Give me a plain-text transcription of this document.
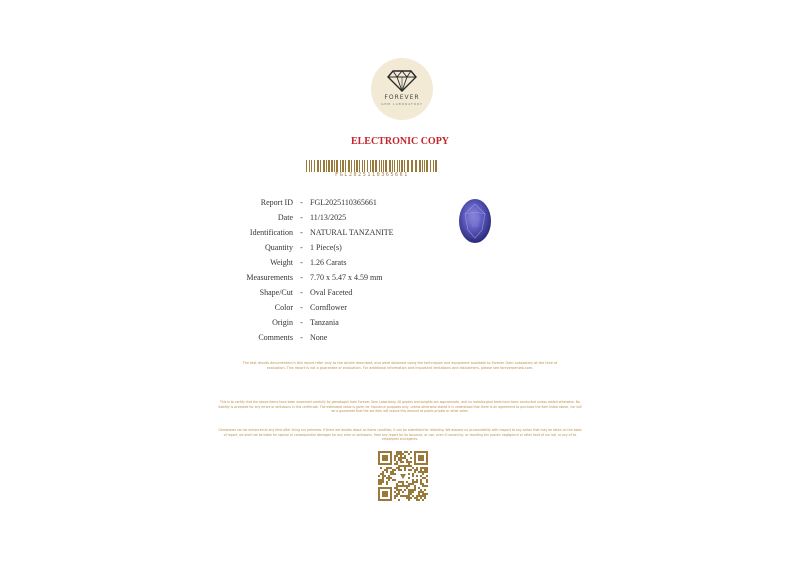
FOREVER
GEM LABORATORY
ELECTRONIC COPY
FGL2025110365661
Report ID - FGL2025110365661
Date - 11/13/2025
Identification - NATURAL TANZANITE
Quantity - 1 Piece(s)
Weight - 1.26 Carats
Measurements - 7.70 x 5.47 x 4.59 mm
Shape/Cut - Oval Faceted
Color - Cornflower
Origin - Tanzania
Comments - None
The test results documented in this report refer only to the article described, and were obtained using the techniques and equipment available to Forever Gem Laboratory at the time of evaluation. This report is not a guarantee or evaluation. For additional information and important limitations and disclaimers, please see foreverpenlab.com.
This is to certify that the above items have been examined carefully by gemologist from Forever Gem Laboratory. All grades and weights are approximate, and no metallurgical tests have been conducted unless stated otherwise. No liability is accepted for any errors or omissions in this certificate. The estimated value is given for insurance purposes only, unless otherwise stated it is understood that there is an agreement to purchase the item listed above, nor will be a guarantee that the set item will realize this amount at public private or other sales.
Gemstones can be enhanced at any time after living our premises. If there are doubts about an items condition, it can be submitted for retesting. We assume no accountability with respect to any action that may be taken on the basis of report, we shall not be liable for special or consequential damages for any error or omissions, from any report for its issuance, or use, even if caused by, or resulting the proven negligence or other fault of our lab, or any of its employees and agents.
